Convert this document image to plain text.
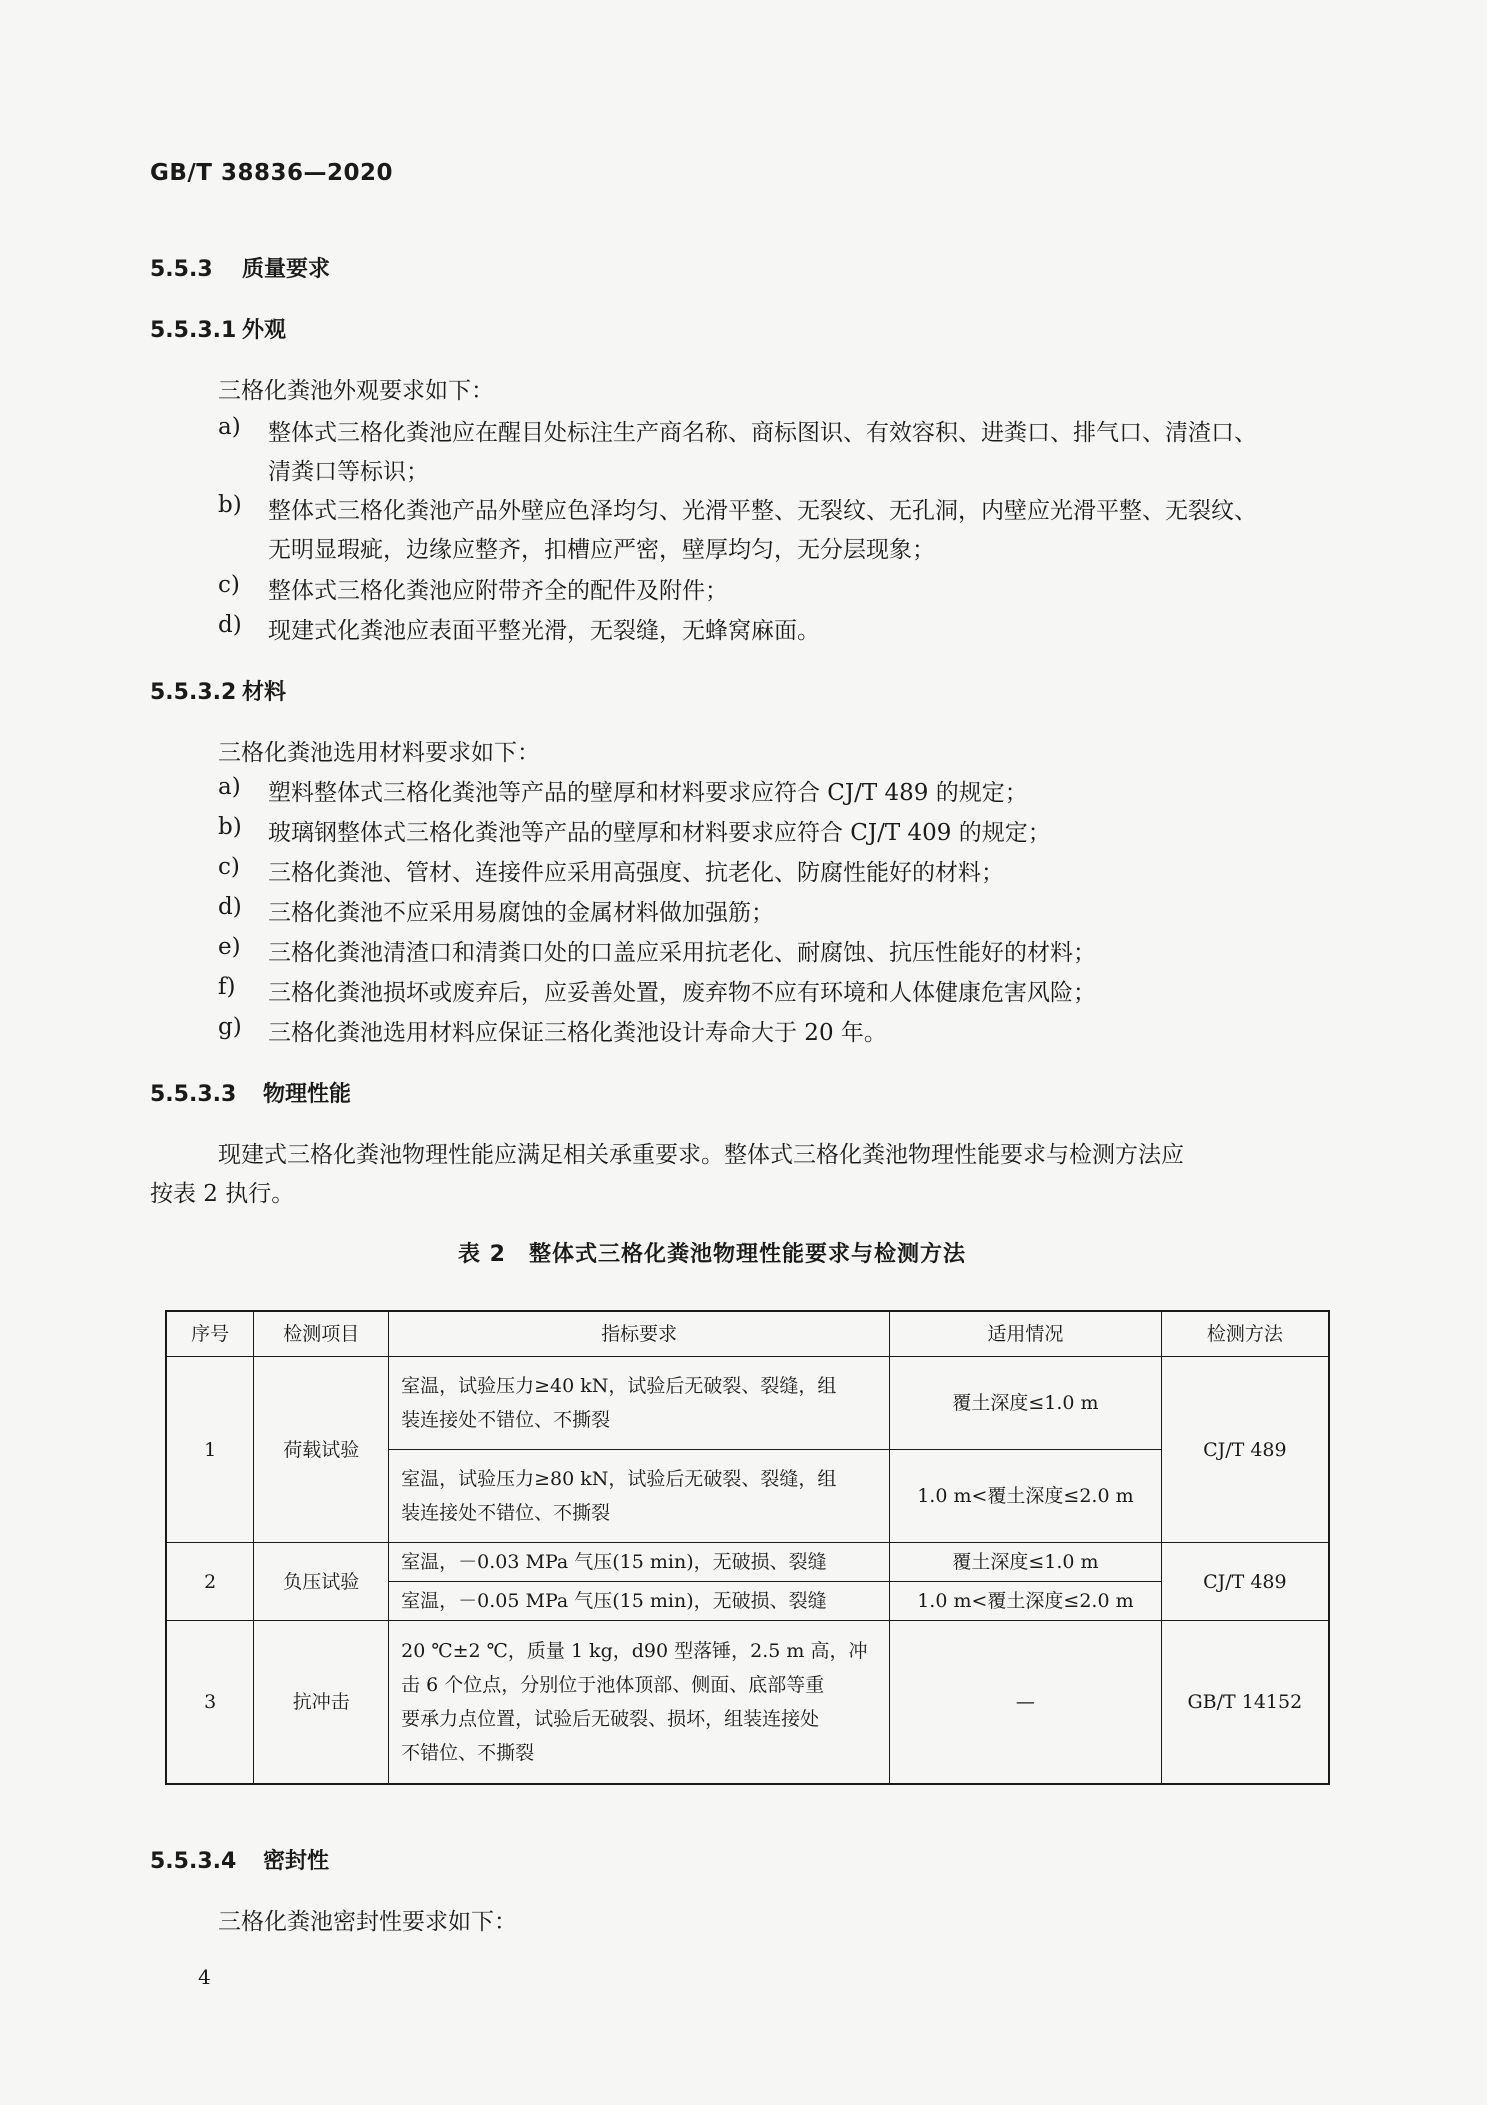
GB/T 38836—2020
5.5.3 质量要求
5.5.3.1 外观
三格化粪池外观要求如下：
a) 整体式三格化粪池应在醒目处标注生产商名称、商标图识、有效容积、进粪口、排气口、清渣口、
清粪口等标识；
b) 整体式三格化粪池产品外壁应色泽均匀、光滑平整、无裂纹、无孔洞，内壁应光滑平整、无裂纹、
无明显瑕疵，边缘应整齐，扣槽应严密，壁厚均匀，无分层现象；
c) 整体式三格化粪池应附带齐全的配件及附件；
d) 现建式化粪池应表面平整光滑，无裂缝，无蜂窝麻面。
5.5.3.2 材料
三格化粪池选用材料要求如下：
a) 塑料整体式三格化粪池等产品的壁厚和材料要求应符合 CJ/T 489 的规定；
b) 玻璃钢整体式三格化粪池等产品的壁厚和材料要求应符合 CJ/T 409 的规定；
c) 三格化粪池、管材、连接件应采用高强度、抗老化、防腐性能好的材料；
d) 三格化粪池不应采用易腐蚀的金属材料做加强筋；
e) 三格化粪池清渣口和清粪口处的口盖应采用抗老化、耐腐蚀、抗压性能好的材料；
f) 三格化粪池损坏或废弃后，应妥善处置，废弃物不应有环境和人体健康危害风险；
g) 三格化粪池选用材料应保证三格化粪池设计寿命大于 20 年。
5.5.3.3 物理性能
现建式三格化粪池物理性能应满足相关承重要求。整体式三格化粪池物理性能要求与检测方法应
按表 2 执行。
表 2　整体式三格化粪池物理性能要求与检测方法
序号	检测项目	指标要求	适用情况	检测方法
1	荷载试验	室温，试验压力≥40 kN，试验后无破裂、裂缝，组
装连接处不错位、不撕裂	覆土深度≤1.0 m	CJ/T 489

		室温，试验压力≥80 kN，试验后无破裂、裂缝，组
装连接处不错位、不撕裂	1.0 m<覆土深度≤2.0 m	
2	负压试验	室温，－0.03 MPa 气压(15 min)，无破损、裂缝	覆土深度≤1.0 m	CJ/T 489

		室温，－0.05 MPa 气压(15 min)，无破损、裂缝	1.0 m<覆土深度≤2.0 m	
3	抗冲击	20 ℃±2 ℃，质量 1 kg，d90 型落锤，2.5 m 高，冲
击 6 个位点，分别位于池体顶部、侧面、底部等重
要承力点位置，试验后无破裂、损坏，组装连接处
不错位、不撕裂	—	GB/T 14152
5.5.3.4 密封性
三格化粪池密封性要求如下：
4
